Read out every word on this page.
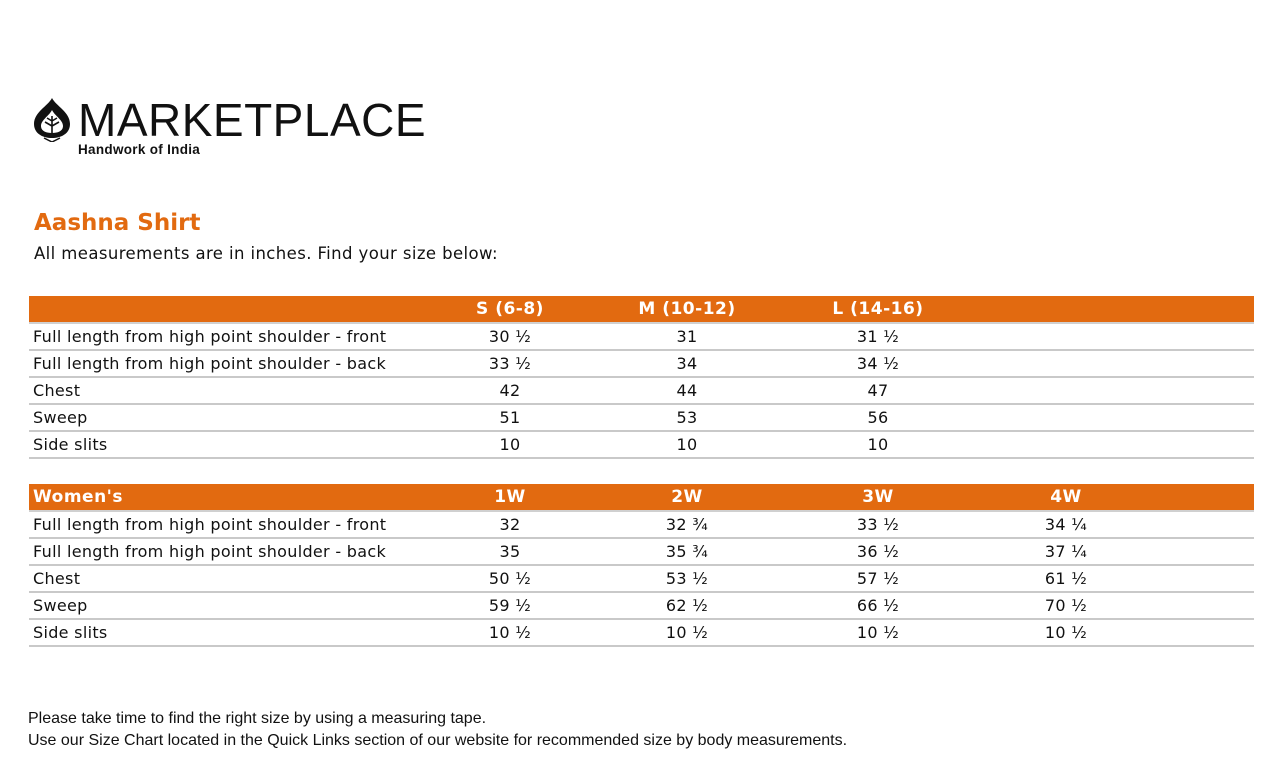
MARKETPLACE
Handwork of India
Aashna Shirt
All measurements are in inches. Find your size below:
	S (6-8)	M (10-12)	L (14-16)		
Full length from high point shoulder - front	30 ½	31	31 ½		
Full length from high point shoulder - back	33 ½	34	34 ½		
Chest	42	44	47		
Sweep	51	53	56		
Side slits	10	10	10		
Women's	1W	2W	3W	4W	
Full length from high point shoulder - front	32	32 ¾	33 ½	34 ¼	
Full length from high point shoulder - back	35	35 ¾	36 ½	37 ¼	
Chest	50 ½	53 ½	57 ½	61 ½	
Sweep	59 ½	62 ½	66 ½	70 ½	
Side slits	10 ½	10 ½	10 ½	10 ½	
Please take time to find the right size by using a measuring tape.
Use our Size Chart located in the Quick Links section of our website for recommended size by body measurements.
